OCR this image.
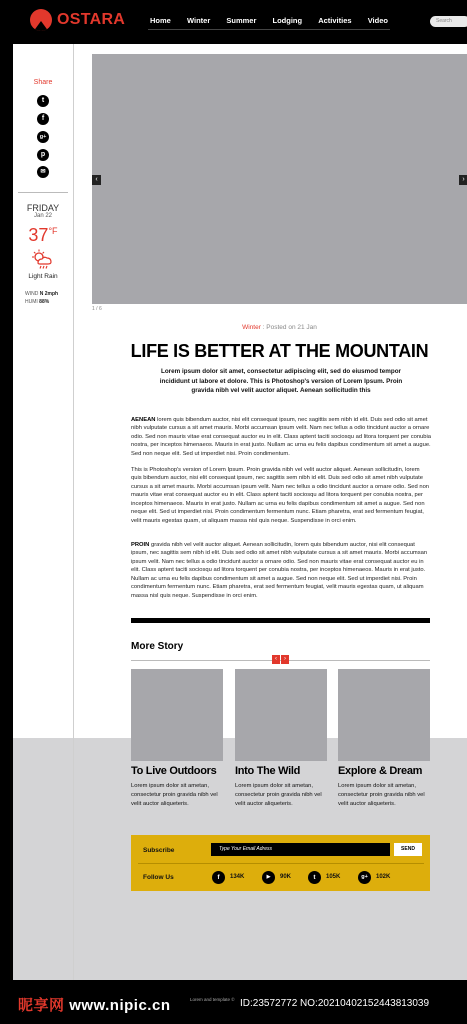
OSTARA	Home Winter Summer Lodging Activities Video	Search
Share
t
f
g+
p
✉
FRIDAY
Jan 22
$37^{^\circ F}$
Light Rain
WIND N 2mph
HUMI 88%
‹	›
1 / 6
Winter : Posted on 21 Jan
LIFE IS BETTER AT THE MOUNTAIN
Lorem ipsum dolor sit amet, consectetur adipiscing elit, sed do eiusmod tempor incididunt ut labore et dolore. This is Photoshop's version of Lorem Ipsum. Proin gravida nibh vel velit auctor aliquet. Aenean sollicitudin this
AENEAN lorem quis bibendum auctor, nisi elit consequat ipsum, nec sagittis sem nibh id elit. Duis sed odio sit amet nibh vulputate cursus a sit amet mauris. Morbi accumsan ipsum velit. Nam nec tellus a odio tincidunt auctor a ornare odio. Sed non mauris vitae erat consequat auctor eu in elit. Class aptent taciti sociosqu ad litora torquent per conubia nostra, per inceptos himenaeos. Mauris in erat justo. Nullam ac urna eu felis dapibus condimentum sit amet a augue. Sed non neque elit. Sed ut imperdiet nisi. Proin condimentum.
This is Photoshop's version of Lorem Ipsum. Proin gravida nibh vel velit auctor aliquet. Aenean sollicitudin, lorem quis bibendum auctor, nisi elit consequat ipsum, nec sagittis sem nibh id elit. Duis sed odio sit amet nibh vulputate cursus a sit amet mauris. Morbi accumsan ipsum velit. Nam nec tellus a odio tincidunt auctor a ornare odio. Sed non mauris vitae erat consequat auctor eu in elit. Class aptent taciti sociosqu ad litora torquent per conubia nostra, per inceptos himenaeos. Mauris in erat justo. Nullam ac urna eu felis dapibus condimentum sit amet a augue. Sed non neque elit. Sed ut imperdiet nisi. Proin condimentum fermentum nunc. Etiam pharetra, erat sed fermentum feugiat, velit mauris egestas quam, ut aliquam massa nisl quis neque. Suspendisse in orci enim.
PROIN gravida nibh vel velit auctor aliquet. Aenean sollicitudin, lorem quis bibendum auctor, nisi elit consequat ipsum, nec sagittis sem nibh id elit. Duis sed odio sit amet nibh vulputate cursus a sit amet mauris. Morbi accumsan ipsum velit. Nam nec tellus a odio tincidunt auctor a ornare odio. Sed non mauris vitae erat consequat auctor eu in elit. Class aptent taciti sociosqu ad litora torquent per conubia nostra, per inceptos himenaeos. Mauris in erat justo. Nullam ac urna eu felis dapibus condimentum sit amet a augue. Sed non neque elit. Sed ut imperdiet nisi. Proin condimentum fermentum nunc. Etiam pharetra, erat sed fermentum feugiat, velit mauris egestas quam, ut aliquam massa nisl quis neque. Suspendisse in orci enim.
More Story
‹	›
To Live Outdoors Into The Wild	Explore & Dream
Lorem ipsum dolor sit ametan, consectetur proin gravida nibh vel velit auctor aliqueteris.
Lorem ipsum dolor sit ametan, consectetur proin gravida nibh vel velit auctor aliqueteris.
Lorem ipsum dolor sit ametan, consectetur proin gravida nibh vel velit auctor aliqueteris.
Subscribe	Type Your Email Adress	SEND
Follow Us	f	134K	▶	90K	t	105K	g+	102K
昵享网 www.nipic.cn	Lorem and template © ID:23572772 NO:20210402152443813039
